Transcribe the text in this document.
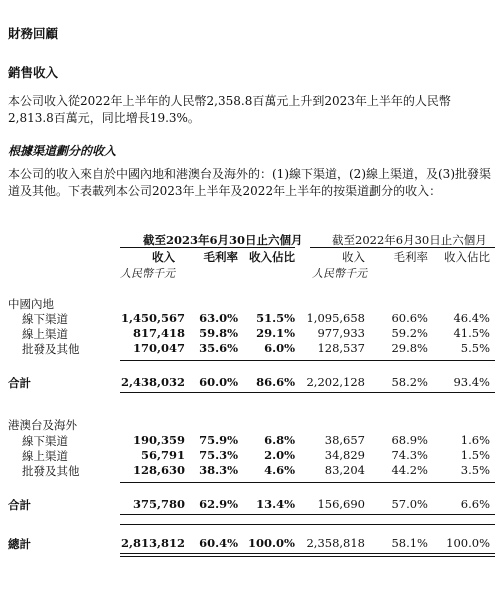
財務回顧
銷售收入
本公司收入從2022年上半年的人民幣2,358.8百萬元上升到2023年上半年的人民幣2,813.8百萬元，同比增長19.3%。
根據渠道劃分的收入
本公司的收入來自於中國內地和港澳台及海外的：(1)線下渠道，(2)線上渠道，及(3)批發渠道及其他。下表載列本公司2023年上半年及2022年上半年的按渠道劃分的收入：
截至2023年6月30日止六個月	截至2022年6月30日止六個月
收入 毛利率 收入佔比	收入 毛利率 收入佔比
人民幣千元	人民幣千元
中國內地
線下渠道	1,450,567 63.0% 51.5% 1,095,658 60.6% 46.4%
線上渠道	817,418 59.8% 29.1% 977,933 59.2% 41.5%
批發及其他	170,047 35.6% 6.0% 128,537 29.8%	5.5%
合計	2,438,032 60.0% 86.6% 2,202,128 58.2% 93.4%
港澳台及海外
線下渠道	190,359 75.9% 6.8%	38,657 68.9%	1.6%
線上渠道	56,791 75.3% 2.0%	34,829 74.3%	1.5%
批發及其他	128,630 38.3% 4.6%	83,204 44.2%	3.5%
合計	375,780 62.9% 13.4% 156,690 57.0%	6.6%
總計	2,813,812 60.4% 100.0% 2,358,818 58.1% 100.0%
